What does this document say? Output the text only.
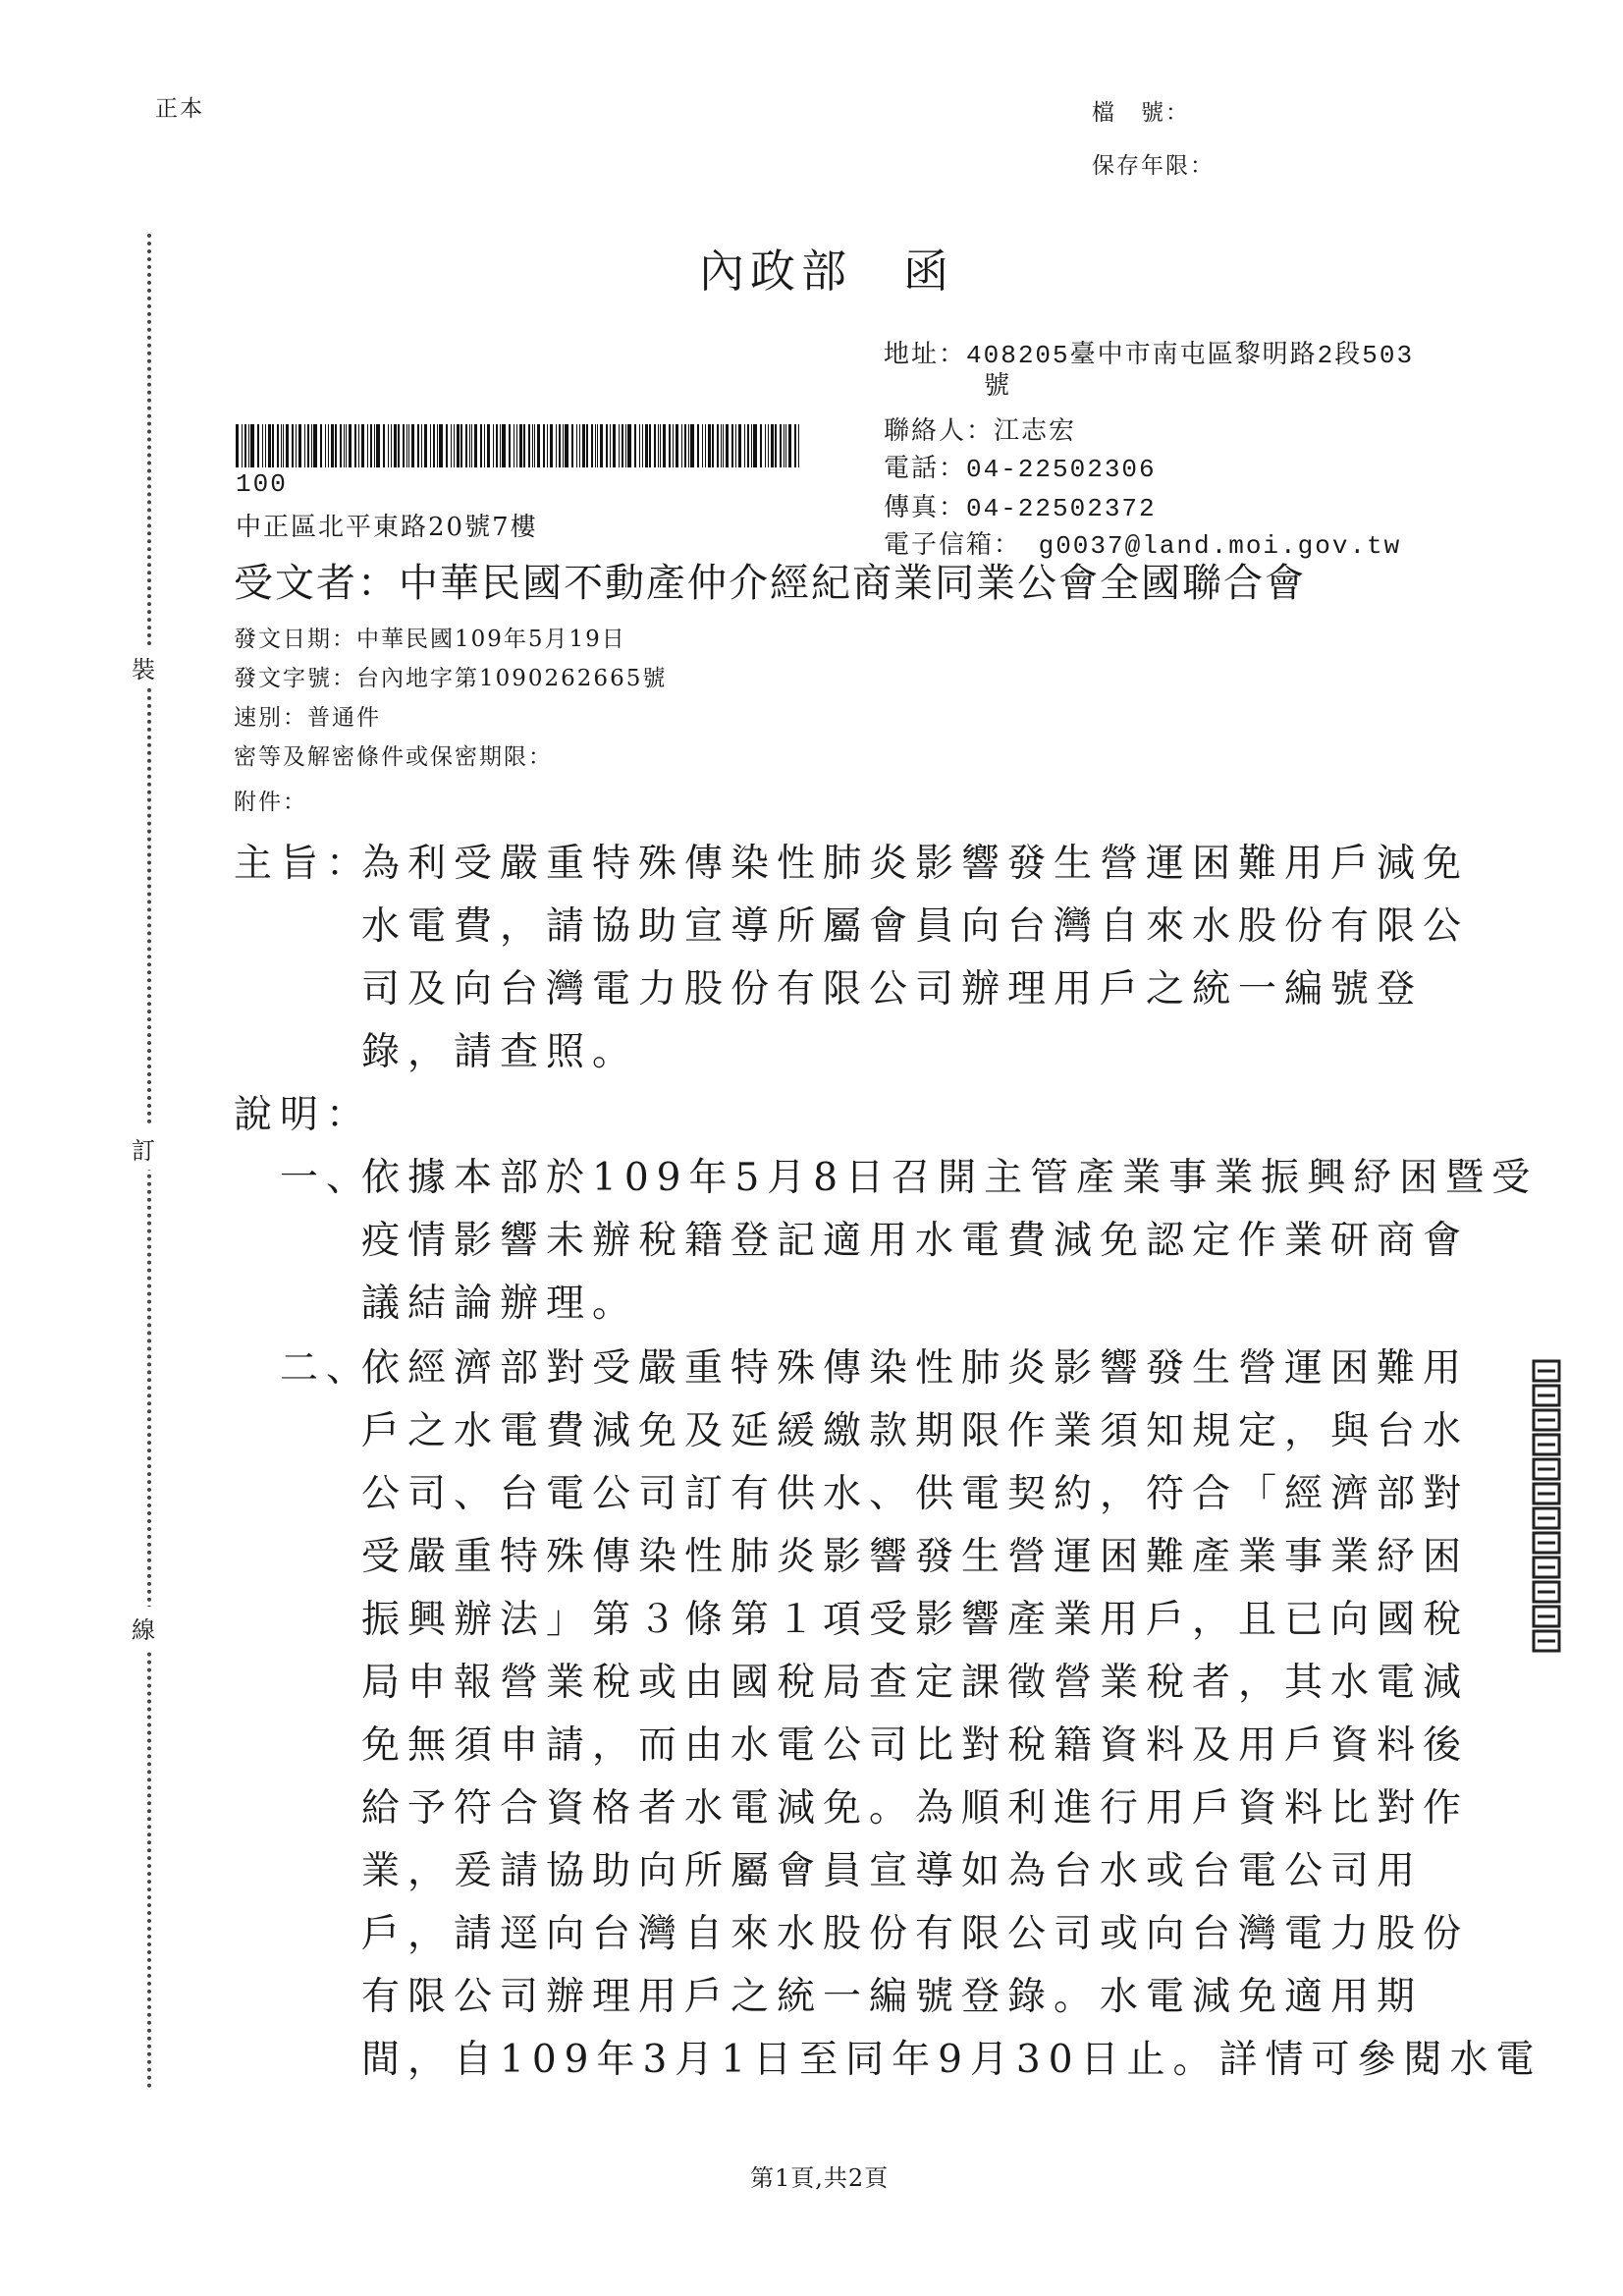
正本	檔　號：
保存年限：
裝
訂
線
內政部　函
地址：408205臺中市南屯區黎明路2段503
號
聯絡人：江志宏
電話：04-22502306
傳真：04-22502372
電子信箱： g0037@land.moi.gov.tw
100
中正區北平東路20號7樓
受文者：中華民國不動產仲介經紀商業同業公會全國聯合會
發文日期：中華民國109年5月19日
發文字號：台內地字第1090262665號
速別：普通件
密等及解密條件或保密期限：
附件：
主旨：
為利受嚴重特殊傳染性肺炎影響發生營運困難用戶減免
水電費，請協助宣導所屬會員向台灣自來水股份有限公
司及向台灣電力股份有限公司辦理用戶之統一編號登
錄，請查照。
說明：
一、
依據本部於109年5月8日召開主管產業事業振興紓困暨受
疫情影響未辦稅籍登記適用水電費減免認定作業研商會
議結論辦理。
二、
依經濟部對受嚴重特殊傳染性肺炎影響發生營運困難用
戶之水電費減免及延緩繳款期限作業須知規定，與台水
公司、台電公司訂有供水、供電契約，符合「經濟部對
受嚴重特殊傳染性肺炎影響發生營運困難產業事業紓困
振興辦法」第３條第１項受影響產業用戶，且已向國稅
局申報營業稅或由國稅局查定課徵營業稅者，其水電減
免無須申請，而由水電公司比對稅籍資料及用戶資料後
給予符合資格者水電減免。為順利進行用戶資料比對作
業，爰請協助向所屬會員宣導如為台水或台電公司用
戶，請逕向台灣自來水股份有限公司或向台灣電力股份
有限公司辦理用戶之統一編號登錄。水電減免適用期
間，自109年3月1日至同年9月30日止。詳情可參閱水電
第1頁,共2頁
